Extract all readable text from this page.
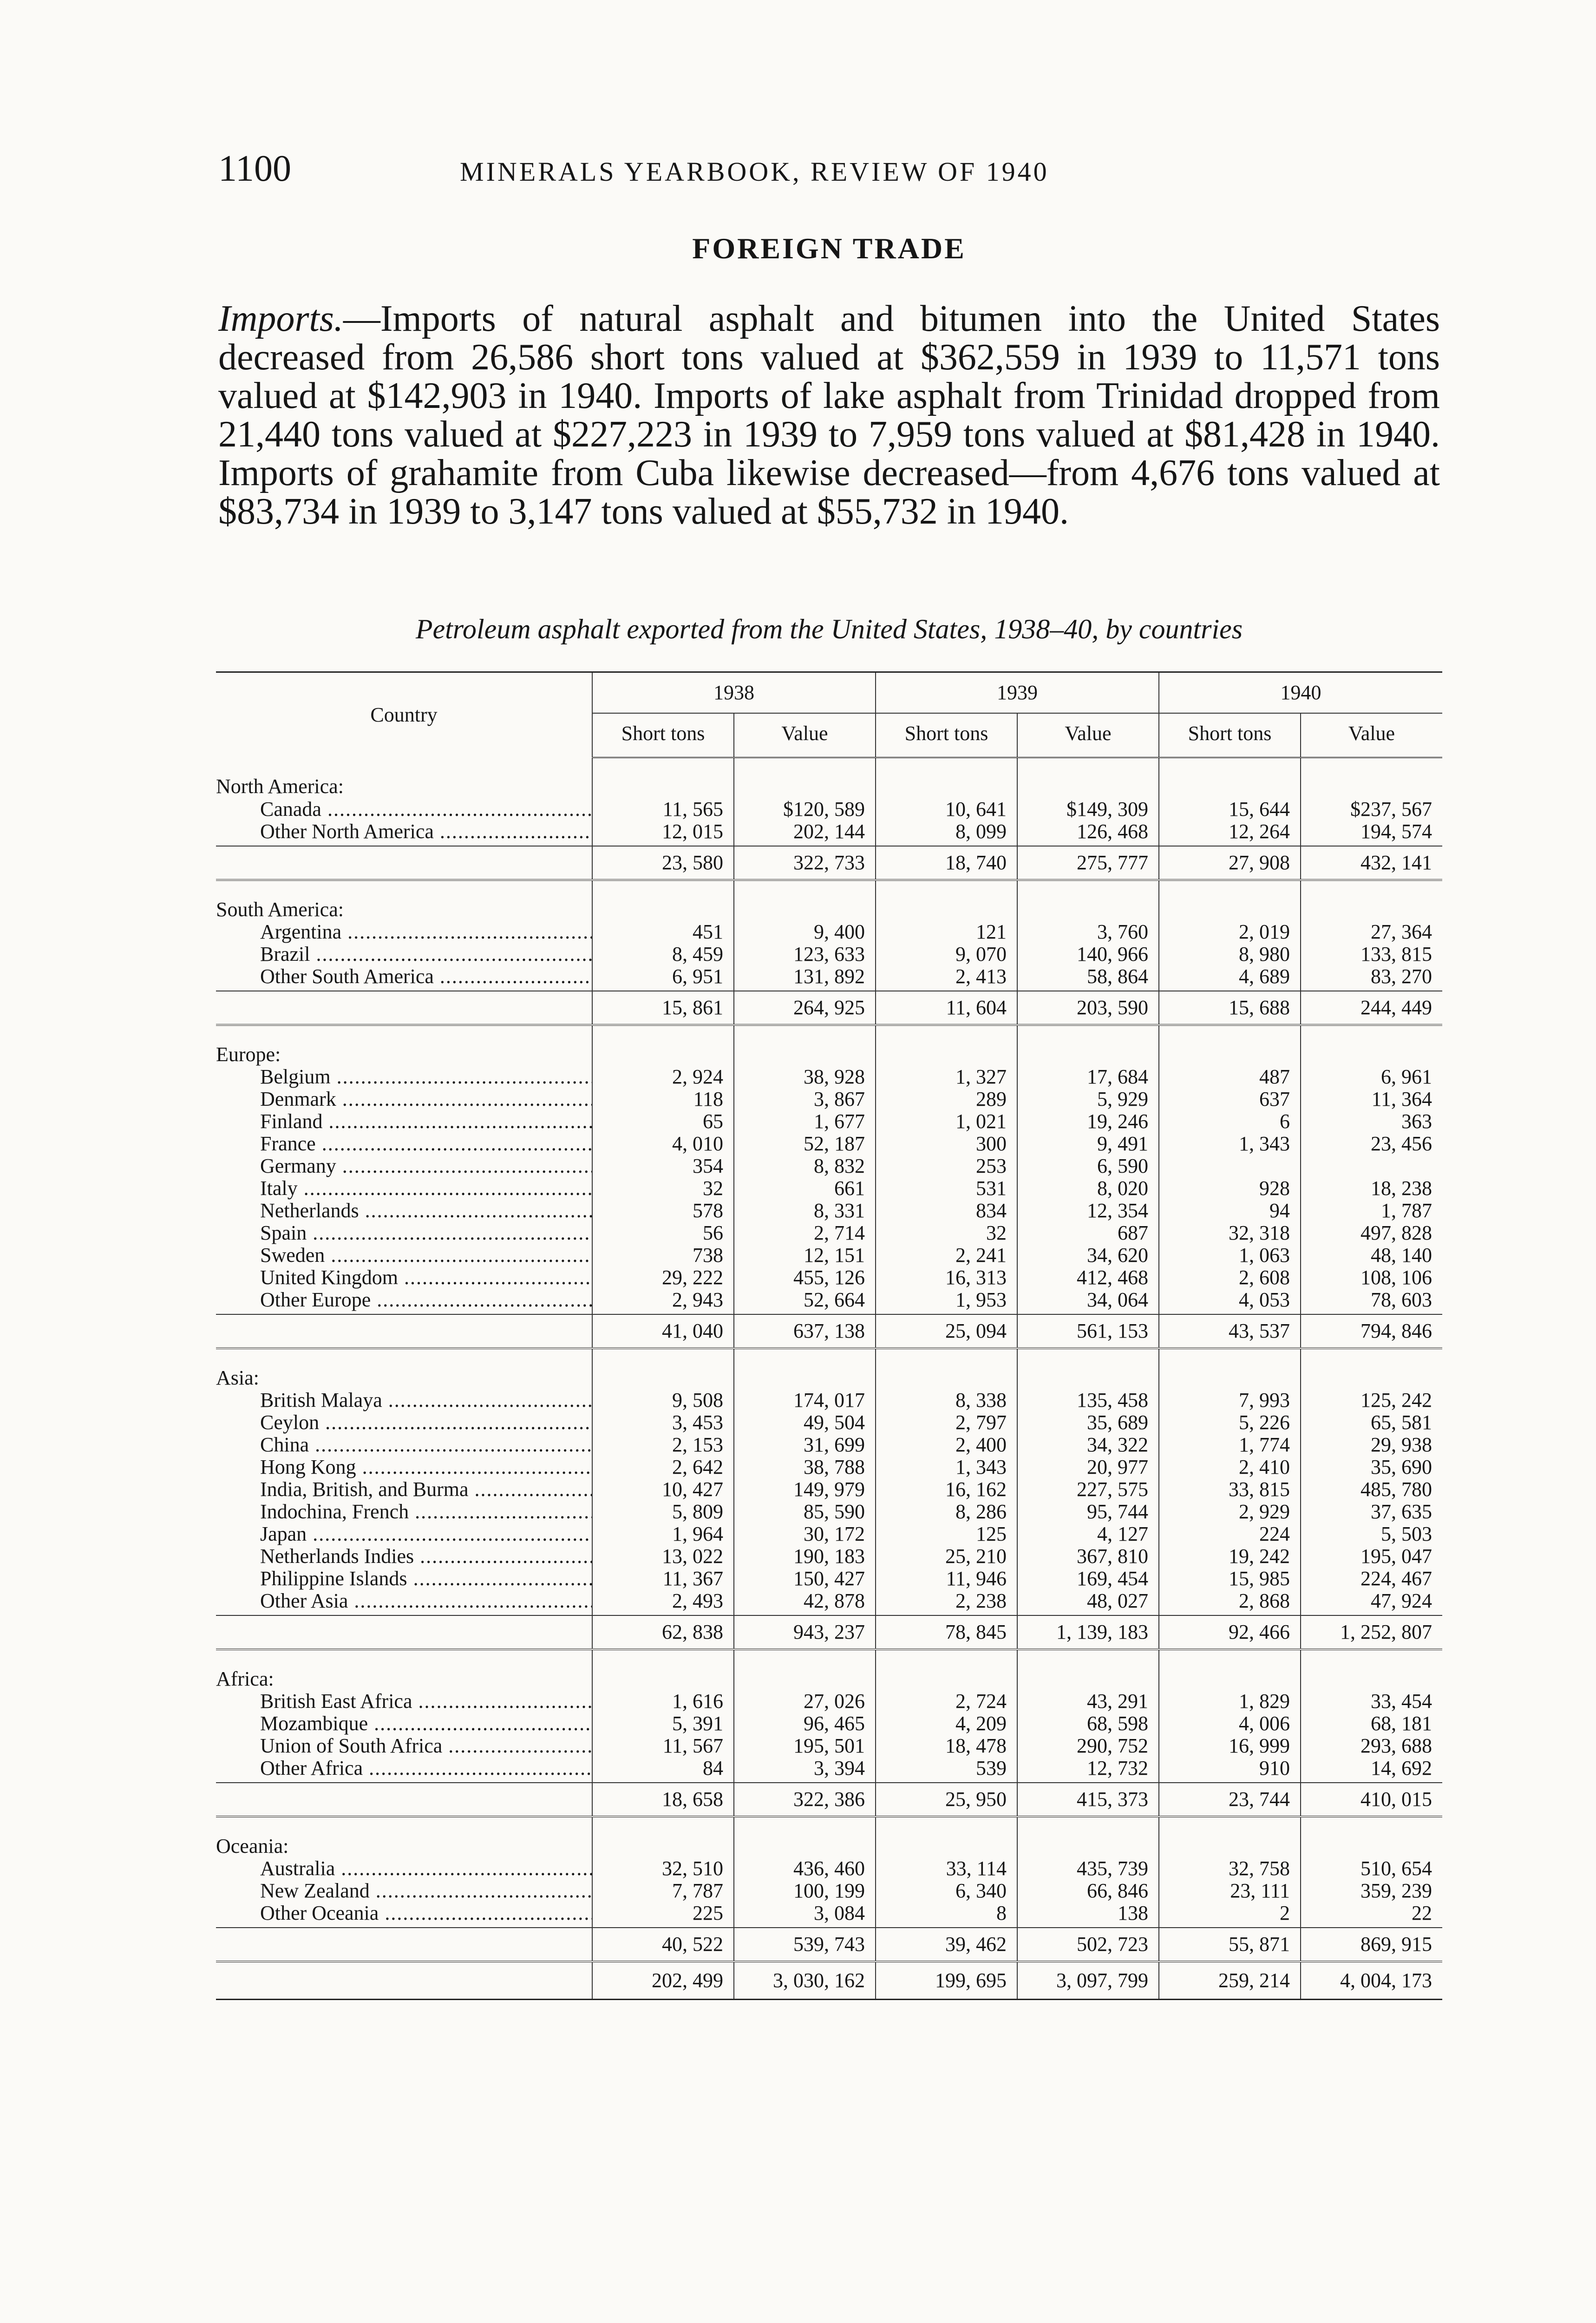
1100	MINERALS YEARBOOK, REVIEW OF 1940
FOREIGN TRADE

Imports.—Imports of natural asphalt and bitumen into the United States decreased from 26,586 short tons valued at $362,559 in 1939 to 11,571 tons valued at $142,903 in 1940. Imports of lake asphalt from Trinidad dropped from 21,440 tons valued at $227,223 in 1939 to 7,959 tons valued at $81,428 in 1940. Imports of grahamite from Cuba likewise decreased—from 4,676 tons valued at $83,734 in 1939 to 3,147 tons valued at $55,732 in 1940.

Petroleum asphalt exported from the United States, 1938–40, by countries
Country	1938		1939		1940	
	Short tons	Value	Short tons	Value	Short tons	Value
North America:						
Canada .....	11, 565	$120, 589	10, 641	$149, 309	15, 644	$237, 567
Other North America .....	12, 015	202, 144	8, 099	126, 468	12, 264	194, 574

	23, 580	322, 733	18, 740	275, 777	27, 908	432, 141
South America:						
Argentina .....	451	9, 400	121	3, 760	2, 019	27, 364
Brazil .....	8, 459	123, 633	9, 070	140, 966	8, 980	133, 815
Other South America .....	6, 951	131, 892	2, 413	58, 864	4, 689	83, 270

	15, 861	264, 925	11, 604	203, 590	15, 688	244, 449
Europe:						
Belgium .....	2, 924	38, 928	1, 327	17, 684	487	6, 961
Denmark .....	118	3, 867	289	5, 929	637	11, 364
Finland .....	65	1, 677	1, 021	19, 246	6	363
France .....	4, 010	52, 187	300	9, 491	1, 343	23, 456
Germany .....	354	8, 832	253	6, 590		
Italy .....	32	661	531	8, 020	928	18, 238
Netherlands .....	578	8, 331	834	12, 354	94	1, 787
Spain .....	56	2, 714	32	687	32, 318	497, 828
Sweden .....	738	12, 151	2, 241	34, 620	1, 063	48, 140
United Kingdom .....	29, 222	455, 126	16, 313	412, 468	2, 608	108, 106
Other Europe .....	2, 943	52, 664	1, 953	34, 064	4, 053	78, 603

	41, 040	637, 138	25, 094	561, 153	43, 537	794, 846
Asia:						
British Malaya .....	9, 508	174, 017	8, 338	135, 458	7, 993	125, 242
Ceylon .....	3, 453	49, 504	2, 797	35, 689	5, 226	65, 581
China .....	2, 153	31, 699	2, 400	34, 322	1, 774	29, 938
Hong Kong .....	2, 642	38, 788	1, 343	20, 977	2, 410	35, 690
India, British, and Burma .....	10, 427	149, 979	16, 162	227, 575	33, 815	485, 780
Indochina, French .....	5, 809	85, 590	8, 286	95, 744	2, 929	37, 635
Japan .....	1, 964	30, 172	125	4, 127	224	5, 503
Netherlands Indies .....	13, 022	190, 183	25, 210	367, 810	19, 242	195, 047
Philippine Islands .....	11, 367	150, 427	11, 946	169, 454	15, 985	224, 467
Other Asia .....	2, 493	42, 878	2, 238	48, 027	2, 868	47, 924

	62, 838	943, 237	78, 845	1, 139, 183	92, 466	1, 252, 807
Africa:						
British East Africa .....	1, 616	27, 026	2, 724	43, 291	1, 829	33, 454
Mozambique .....	5, 391	96, 465	4, 209	68, 598	4, 006	68, 181
Union of South Africa .....	11, 567	195, 501	18, 478	290, 752	16, 999	293, 688
Other Africa .....	84	3, 394	539	12, 732	910	14, 692

	18, 658	322, 386	25, 950	415, 373	23, 744	410, 015
Oceania:						
Australia .....	32, 510	436, 460	33, 114	435, 739	32, 758	510, 654
New Zealand .....	7, 787	100, 199	6, 340	66, 846	23, 111	359, 239
Other Oceania .....	225	3, 084	8	138	2	22

	40, 522	539, 743	39, 462	502, 723	55, 871	869, 915
	202, 499	3, 030, 162	199, 695	3, 097, 799	259, 214	4, 004, 173
